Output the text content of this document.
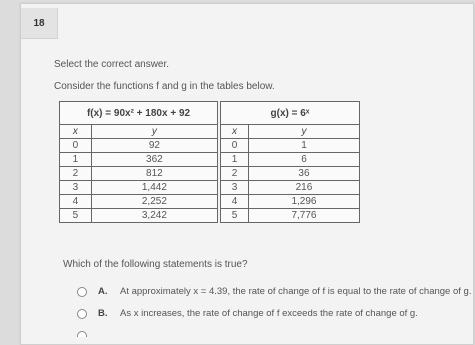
18
Select the correct answer.
Consider the functions f and g in the tables below.
f(x) = 90x² + 180x + 92	
x	y
0	92
1	362
2	812
3	1,442
4	2,252
5	3,242
g(x) = 6ˣ	
x	y
0	1
1	6
2	36
3	216
4	1,296
5	7,776
Which of the following statements is true?
A.	At approximately x = 4.39, the rate of change of f is equal to the rate of change of g.
B.	As x increases, the rate of change of f exceeds the rate of change of g.
